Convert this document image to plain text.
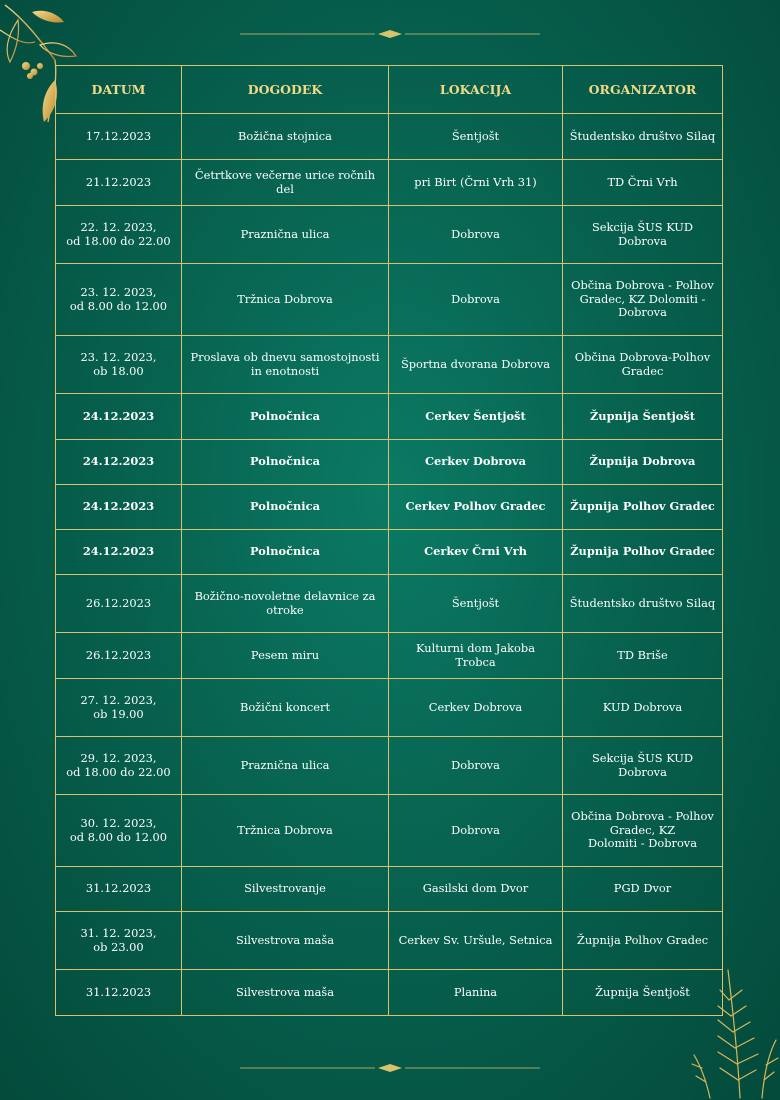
DATUM	DOGODEK	LOKACIJA	ORGANIZATOR
17.12.2023	Božična stojnica	Šentjošt	Študentsko društvo Silaq
21.12.2023	Četrtkove večerne urice ročnih del	pri Birt (Črni Vrh 31)	TD Črni Vrh
22. 12. 2023,
od 18.00 do 22.00	Praznična ulica	Dobrova	Sekcija ŠUS KUD Dobrova
23. 12. 2023,
od 8.00 do 12.00	Tržnica Dobrova	Dobrova	Občina Dobrova - Polhov
Gradec, KZ Dolomiti -
Dobrova
23. 12. 2023,
ob 18.00	Proslava ob dnevu samostojnosti
in enotnosti	Športna dvorana Dobrova	Občina Dobrova-Polhov
Gradec
24.12.2023	Polnočnica	Cerkev Šentjošt	Župnija Šentjošt
24.12.2023	Polnočnica	Cerkev Dobrova	Župnija Dobrova
24.12.2023	Polnočnica	Cerkev Polhov Gradec	Župnija Polhov Gradec
24.12.2023	Polnočnica	Cerkev Črni Vrh	Župnija Polhov Gradec
26.12.2023	Božično-novoletne delavnice za
otroke	Šentjošt	Študentsko društvo Silaq
26.12.2023	Pesem miru	Kulturni dom Jakoba Trobca	TD Briše
27. 12. 2023,
ob 19.00	Božični koncert	Cerkev Dobrova	KUD Dobrova
29. 12. 2023,
od 18.00 do 22.00	Praznična ulica	Dobrova	Sekcija ŠUS KUD Dobrova
30. 12. 2023,
od 8.00 do 12.00	Tržnica Dobrova	Dobrova	Občina Dobrova - Polhov
Gradec, KZ
Dolomiti - Dobrova
31.12.2023	Silvestrovanje	Gasilski dom Dvor	PGD Dvor
31. 12. 2023,
ob 23.00	Silvestrova maša	Cerkev Sv. Uršule, Setnica	Župnija Polhov Gradec
31.12.2023	Silvestrova maša	Planina	Župnija Šentjošt
